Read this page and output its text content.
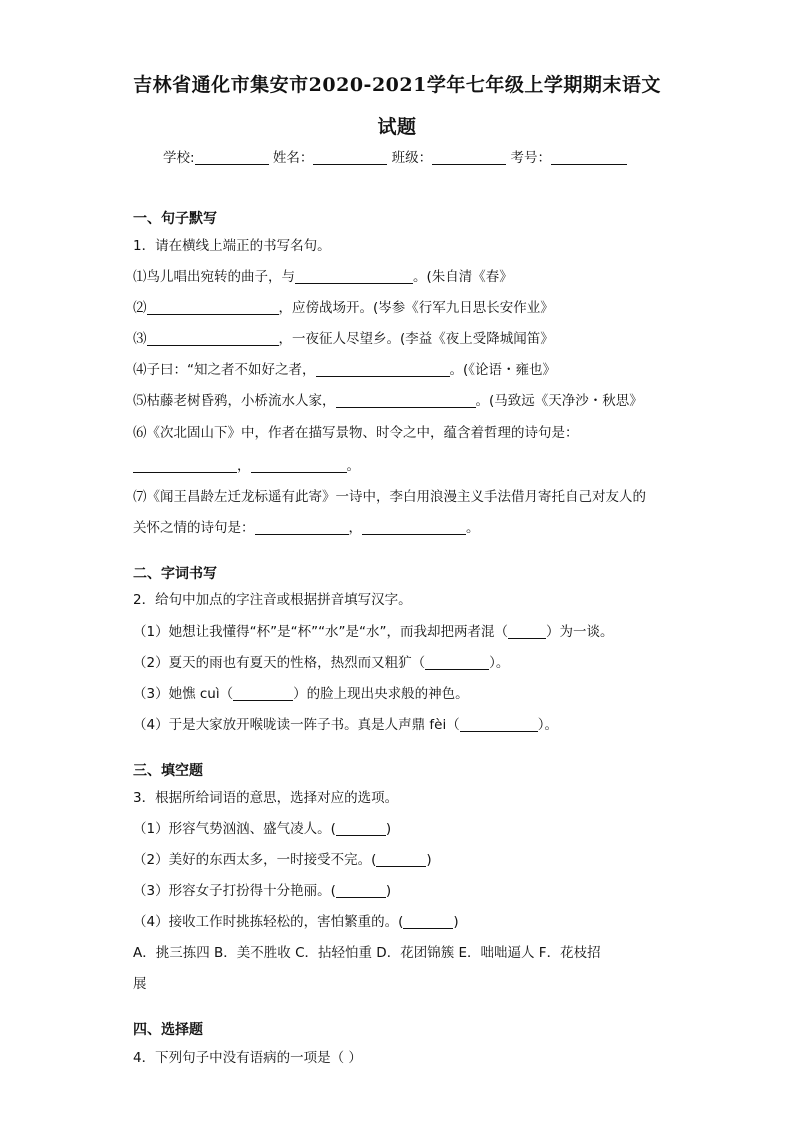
吉林省通化市集安市2020-2021学年七年级上学期期末语文
试题
学校:	姓名：	班级：	考号：
一、句子默写
1．请在横线上端正的书写名句。
⑴鸟儿唱出宛转的曲子，与	。(朱自清《春》
⑵	，应傍战场开。(岑参《行军九日思长安作业》
⑶	，一夜征人尽望乡。(李益《夜上受降城闻笛》
⑷子曰：“知之者不如好之者，	。(《论语・雍也》
⑸枯藤老树昏鸦，小桥流水人家，	。(马致远《天净沙・秋思》
⑹《次北固山下》中，作者在描写景物、时令之中，蕴含着哲理的诗句是：
，	。
⑺《闻王昌龄左迁龙标遥有此寄》一诗中，李白用浪漫主义手法借月寄托自己对友人的
关怀之情的诗句是：	，	。
二、字词书写
2．给句中加点的字注音或根据拼音填写汉字。
（1）她想让我懂得“杯”是“杯”“水”是“水”，而我却把两者混（	）为一谈。
（2）夏天的雨也有夏天的性格，热烈而又粗犷（	）。
（3）她憔 cuì（	）的脸上现出央求般的神色。
（4）于是大家放开喉咙读一阵子书。真是人声鼎 fèi（	）。
三、填空题
3．根据所给词语的意思，选择对应的选项。
（1）形容气势汹汹、盛气凌人。(	)
（2）美好的东西太多，一时接受不完。(	)
（3）形容女子打扮得十分艳丽。(	)
（4）接收工作时挑拣轻松的，害怕繁重的。(	)
A．挑三拣四 B．美不胜收 C．拈轻怕重 D．花团锦簇 E．咄咄逼人 F．花枝招
展
四、选择题
4．下列句子中没有语病的一项是（ ）
